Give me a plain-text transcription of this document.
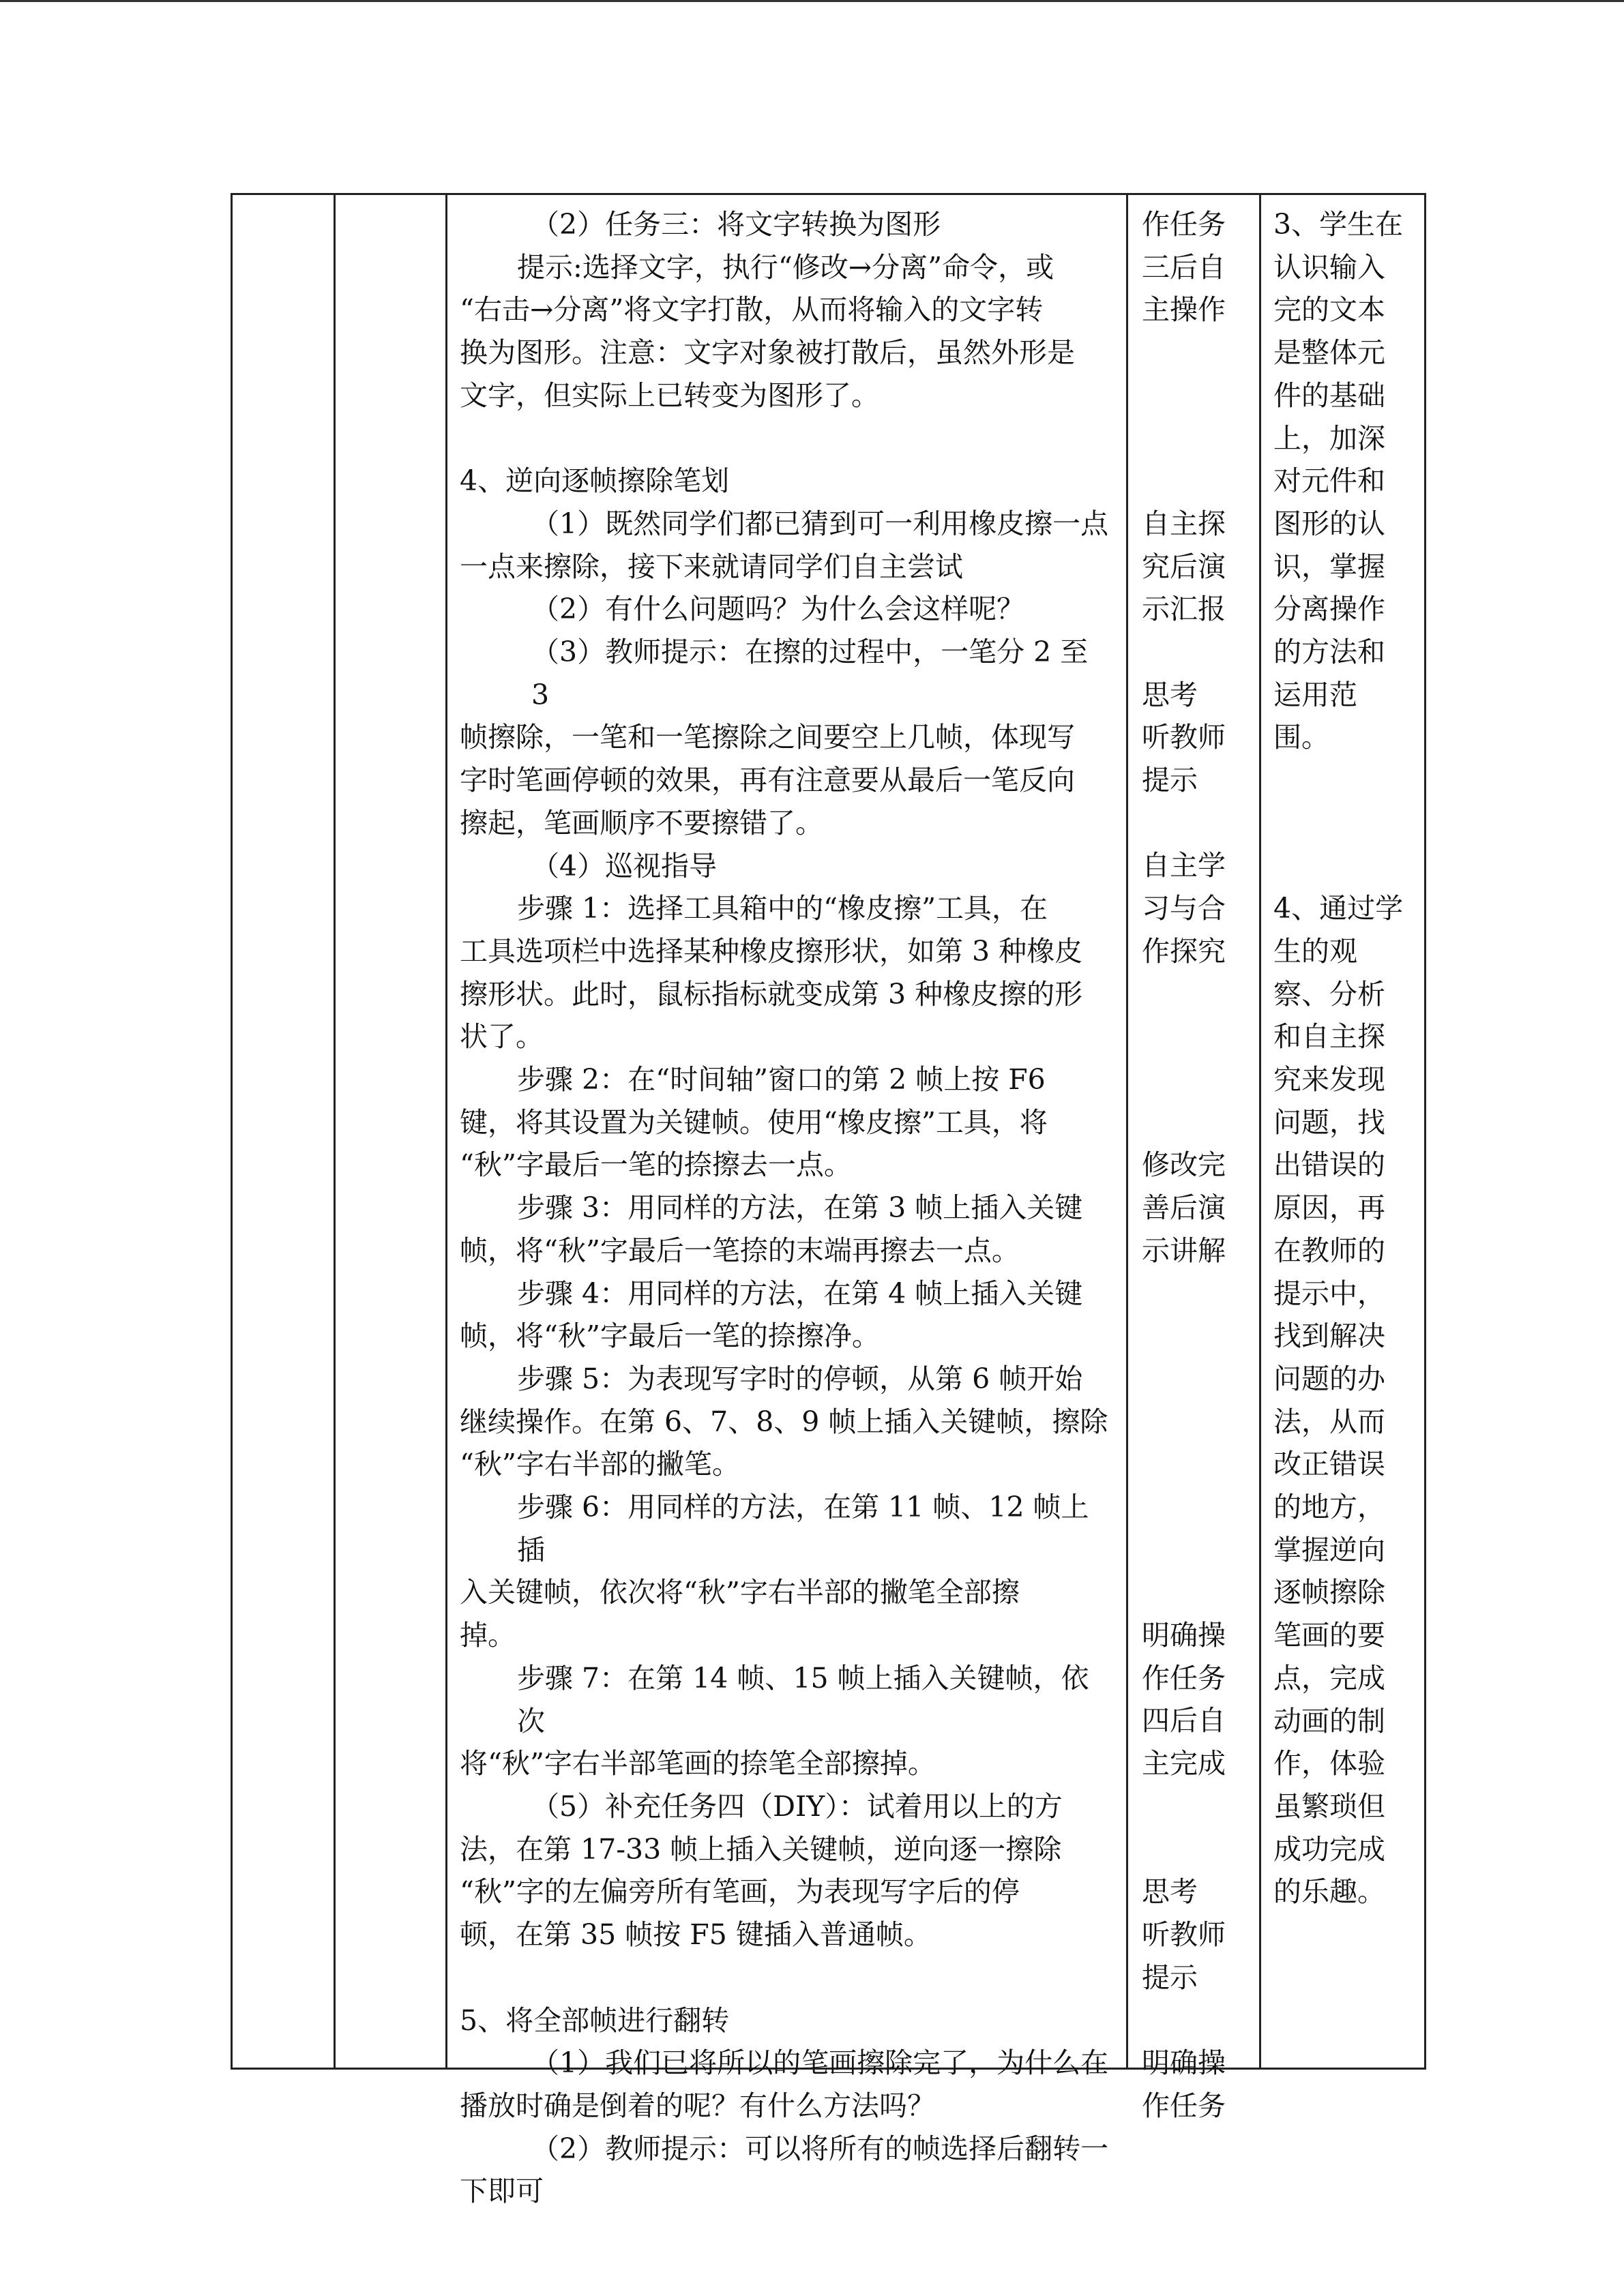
（2）任务三：将文字转换为图形

提示:选择文字，执行“修改→分离”命令，或

“右击→分离”将文字打散，从而将输入的文字转

换为图形。注意：文字对象被打散后，虽然外形是

文字，但实际上已转变为图形了。

4、逆向逐帧擦除笔划

（1）既然同学们都已猜到可一利用橡皮擦一点

一点来擦除，接下来就请同学们自主尝试

（2）有什么问题吗？为什么会这样呢？

（3）教师提示：在擦的过程中，一笔分 2 至 3

帧擦除，一笔和一笔擦除之间要空上几帧，体现写

字时笔画停顿的效果，再有注意要从最后一笔反向

擦起，笔画顺序不要擦错了。

（4）巡视指导

步骤 1：选择工具箱中的“橡皮擦”工具，在

工具选项栏中选择某种橡皮擦形状，如第 3 种橡皮

擦形状。此时，鼠标指标就变成第 3 种橡皮擦的形

状了。

步骤 2：在“时间轴”窗口的第 2 帧上按 F6

键，将其设置为关键帧。使用“橡皮擦”工具，将

“秋”字最后一笔的捺擦去一点。

步骤 3：用同样的方法，在第 3 帧上插入关键

帧，将“秋”字最后一笔捺的末端再擦去一点。

步骤 4：用同样的方法，在第 4 帧上插入关键

帧，将“秋”字最后一笔的捺擦净。

步骤 5：为表现写字时的停顿，从第 6 帧开始

继续操作。在第 6、7、8、9 帧上插入关键帧，擦除

“秋”字右半部的撇笔。

步骤 6：用同样的方法，在第 11 帧、12 帧上插

入关键帧，依次将“秋”字右半部的撇笔全部擦

掉。

步骤 7：在第 14 帧、15 帧上插入关键帧，依次

将“秋”字右半部笔画的捺笔全部擦掉。

（5）补充任务四（DIY）：试着用以上的方

法，在第 17-33 帧上插入关键帧，逆向逐一擦除

“秋”字的左偏旁所有笔画，为表现写字后的停

顿，在第 35 帧按 F5 键插入普通帧。

5、将全部帧进行翻转

（1）我们已将所以的笔画擦除完了，为什么在

播放时确是倒着的呢？有什么方法吗？

（2）教师提示：可以将所有的帧选择后翻转一

下即可

作任务

三后自

主操作

自主探

究后演

示汇报

思考

听教师

提示

自主学

习与合

作探究

修改完

善后演

示讲解

明确操

作任务

四后自

主完成

思考

听教师

提示

明确操

作任务

3、学生在

认识输入

完的文本

是整体元

件的基础

上，加深

对元件和

图形的认

识，掌握

分离操作

的方法和

运用范

围。

4、通过学

生的观

察、分析

和自主探

究来发现

问题，找

出错误的

原因，再

在教师的

提示中，

找到解决

问题的办

法，从而

改正错误

的地方，

掌握逆向

逐帧擦除

笔画的要

点，完成

动画的制

作，体验

虽繁琐但

成功完成

的乐趣。
